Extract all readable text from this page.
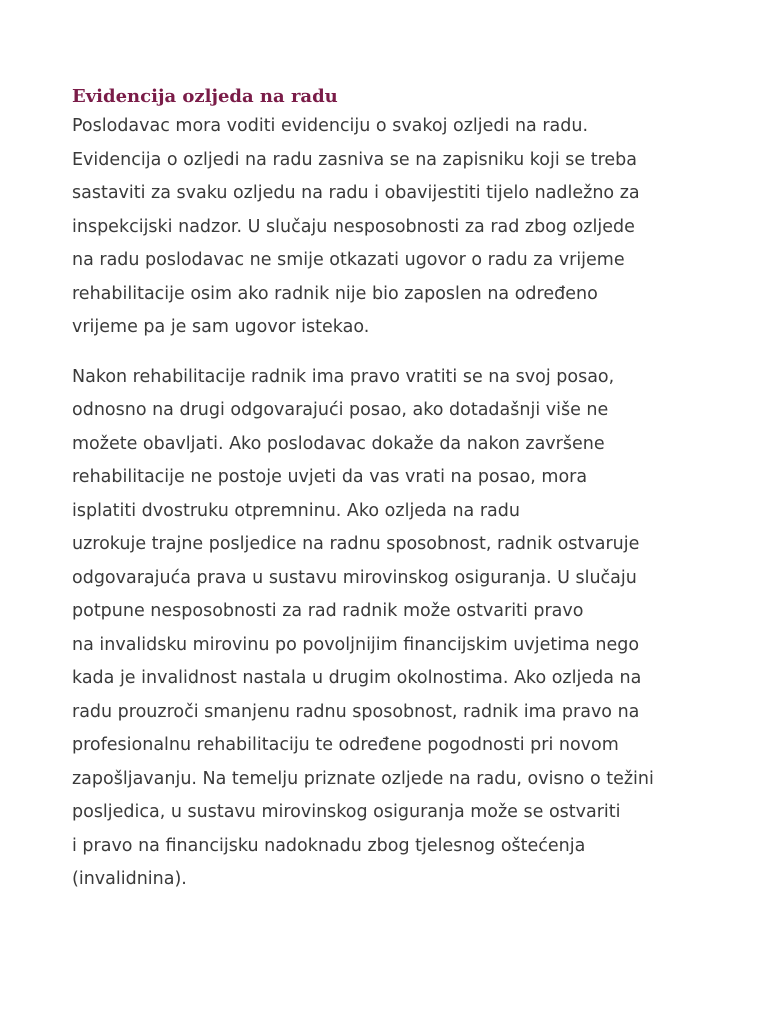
Evidencija ozljeda na radu

Poslodavac mora voditi evidenciju o svakoj ozljedi na radu.
Evidencija o ozljedi na radu zasniva se na zapisniku koji se treba
sastaviti za svaku ozljedu na radu i obavijestiti tijelo nadležno za
inspekcijski nadzor. U slučaju nesposobnosti za rad zbog ozljede
na radu poslodavac ne smije otkazati ugovor o radu za vrijeme
rehabilitacije osim ako radnik nije bio zaposlen na određeno
vrijeme pa je sam ugovor istekao.

Nakon rehabilitacije radnik ima pravo vratiti se na svoj posao,
odnosno na drugi odgovarajući posao, ako dotadašnji više ne
možete obavljati. Ako poslodavac dokaže da nakon završene
rehabilitacije ne postoje uvjeti da vas vrati na posao, mora
isplatiti dvostruku otpremninu. Ako ozljeda na radu
uzrokuje trajne posljedice na radnu sposobnost, radnik ostvaruje
odgovarajuća prava u sustavu mirovinskog osiguranja. U slučaju
potpune nesposobnosti za rad radnik može ostvariti pravo
na invalidsku mirovinu po povoljnijim financijskim uvjetima nego
kada je invalidnost nastala u drugim okolnostima. Ako ozljeda na
radu prouzroči smanjenu radnu sposobnost, radnik ima pravo na
profesionalnu rehabilitaciju te određene pogodnosti pri novom
zapošljavanju. Na temelju priznate ozljede na radu, ovisno o težini
posljedica, u sustavu mirovinskog osiguranja može se ostvariti
i pravo na financijsku nadoknadu zbog tjelesnog oštećenja
(invalidnina).
